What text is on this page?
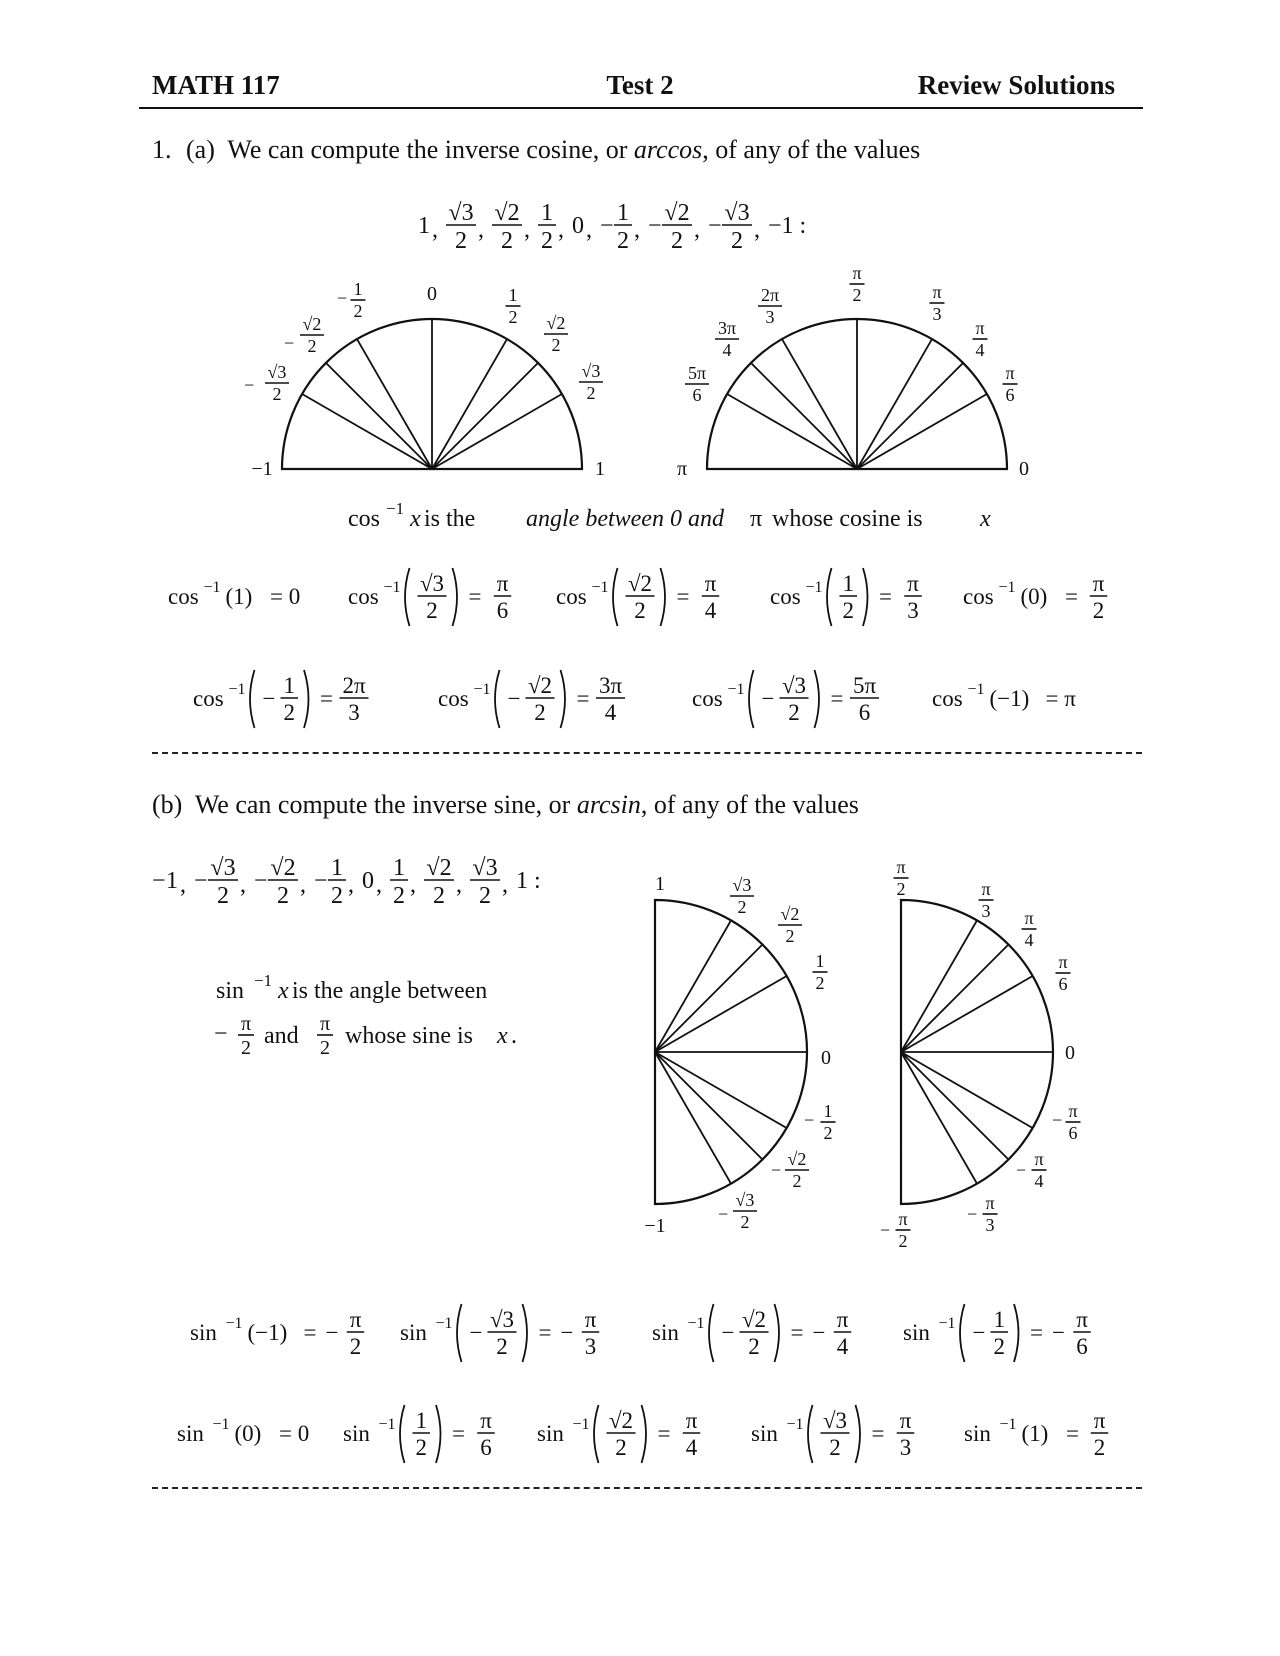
MATH 117	Test 2	Review Solutions
1. (a) We can compute the inverse cosine, or arccos, of any of the values
(b) We can compute the inverse sine, or arcsin, of any of the values
1 ,
√3
2 ,
√2
2 ,
1
2 , 0 , − 1
2 , − √2
2 , − √3
2 , −1 :
− 1 , − √3
2 , − √2
2 , − 1
2 , 0 ,
1
2 ,
√2
2 ,
√3
2 , 1 :
0
1
−1
1
2 √2
2
√3
2
1
2
−
√2
2
−
√3
2
−
0
π
π
6
π
4
π
3
π
2
2π
3
3π
4
5π
6
1
−1
0
√3
2 √2
2
1
2
1
2
−
√2
2
−
√3
2
−
π
2	π
3 π
4
π
6
0
π
6
−
π
4
−
π
3
−
π
2
−
cos −1 x is the angle between 0 and π whose cosine is x
sin −1 x is the angle between
− π
2 and π
2 whose sine is x .
cos −1 (1) = 0 cos −1 √3
2
=
π
6
cos −1 √2
2
=
π
4
cos −1 1
2
=
π
3
cos −1 (0) =
π
2
cos −1 −
1
2
=
2π
3
cos −1 −
√2
2
=
3π
4
cos −1 −
√3
2
=
5π
6
cos −1 (−1) = π
sin −1 (−1) = −
π
2
sin −1 −
√3
2
= −
π
3
sin −1 −
√2
2
= −
π
4
sin −1 −
1
2
= −
π
6
sin −1 (0) = 0 sin −1 1
2
=
π
6
sin −1 √2
2
=
π
4
sin −1 √3
2
=
π
3
sin −1 (1) =
π
2
